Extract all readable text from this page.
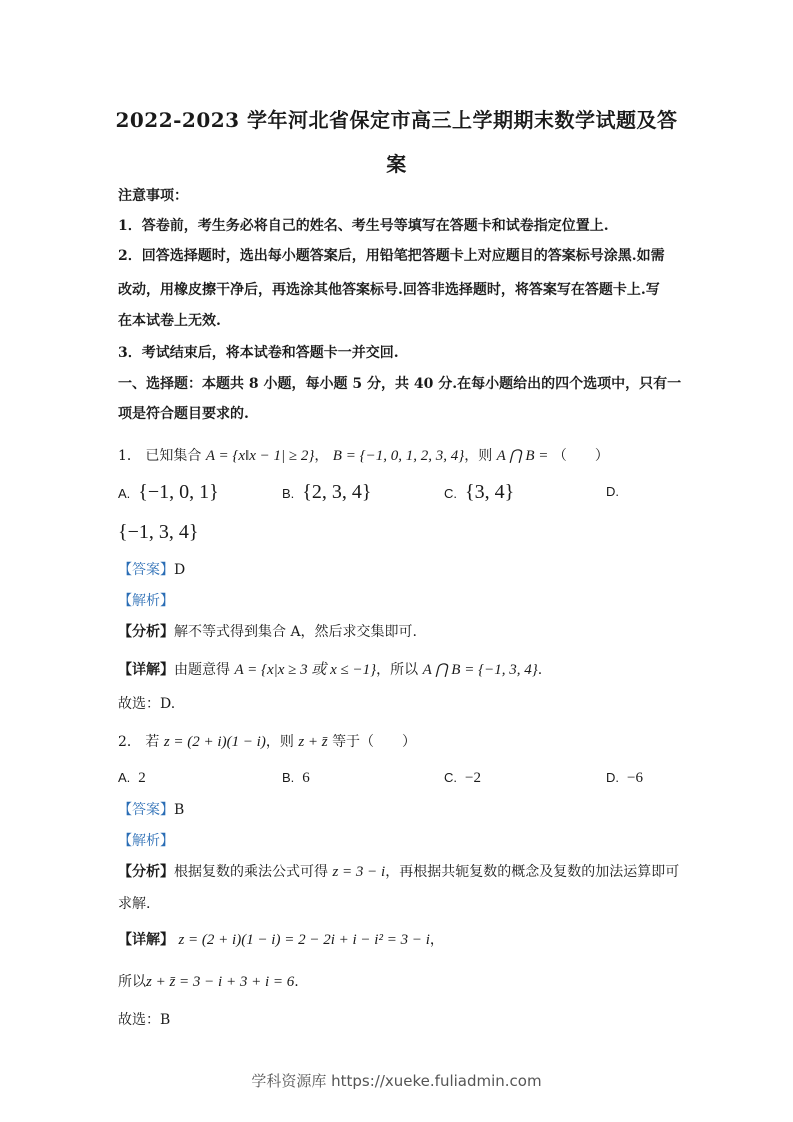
2022-2023 学年河北省保定市高三上学期期末数学试题及答
案
注意事项：
1．答卷前，考生务必将自己的姓名、考生号等填写在答题卡和试卷指定位置上.
2．回答选择题时，选出每小题答案后，用铅笔把答题卡上对应题目的答案标号涂黑.如需
改动，用橡皮擦干净后，再选涂其他答案标号.回答非选择题时，将答案写在答题卡上.写
在本试卷上无效.
3．考试结束后，将本试卷和答题卡一并交回.
一、选择题：本题共 8 小题，每小题 5 分，共 40 分.在每小题给出的四个选项中，只有一
项是符合题目要求的.
1． 已知集合 A = {x‖x − 1| ≥ 2}， B = {−1, 0, 1, 2, 3, 4}，则 A ⋂ B = （　　）
A. {−1, 0, 1}	B. {2, 3, 4}	C. {3, 4}	D.
{−1, 3, 4}
【答案】D
【解析】
【分析】解不等式得到集合 A，然后求交集即可.
【详解】由题意得 A = {x|x ≥ 3 或 x ≤ −1}，所以 A ⋂ B = {−1, 3, 4}.
故选：D.
2． 若 z = (2 + i)(1 − i)，则 z + z̄ 等于（　　）
A. 2	B. 6	C. −2	D. −6
【答案】B
【解析】
【分析】根据复数的乘法公式可得 z = 3 − i，再根据共轭复数的概念及复数的加法运算即可
求解.
【详解】 z = (2 + i)(1 − i) = 2 − 2i + i − i² = 3 − i，
所以z + z̄ = 3 − i + 3 + i = 6.
故选：B
学科资源库 https://xueke.fuliadmin.com
